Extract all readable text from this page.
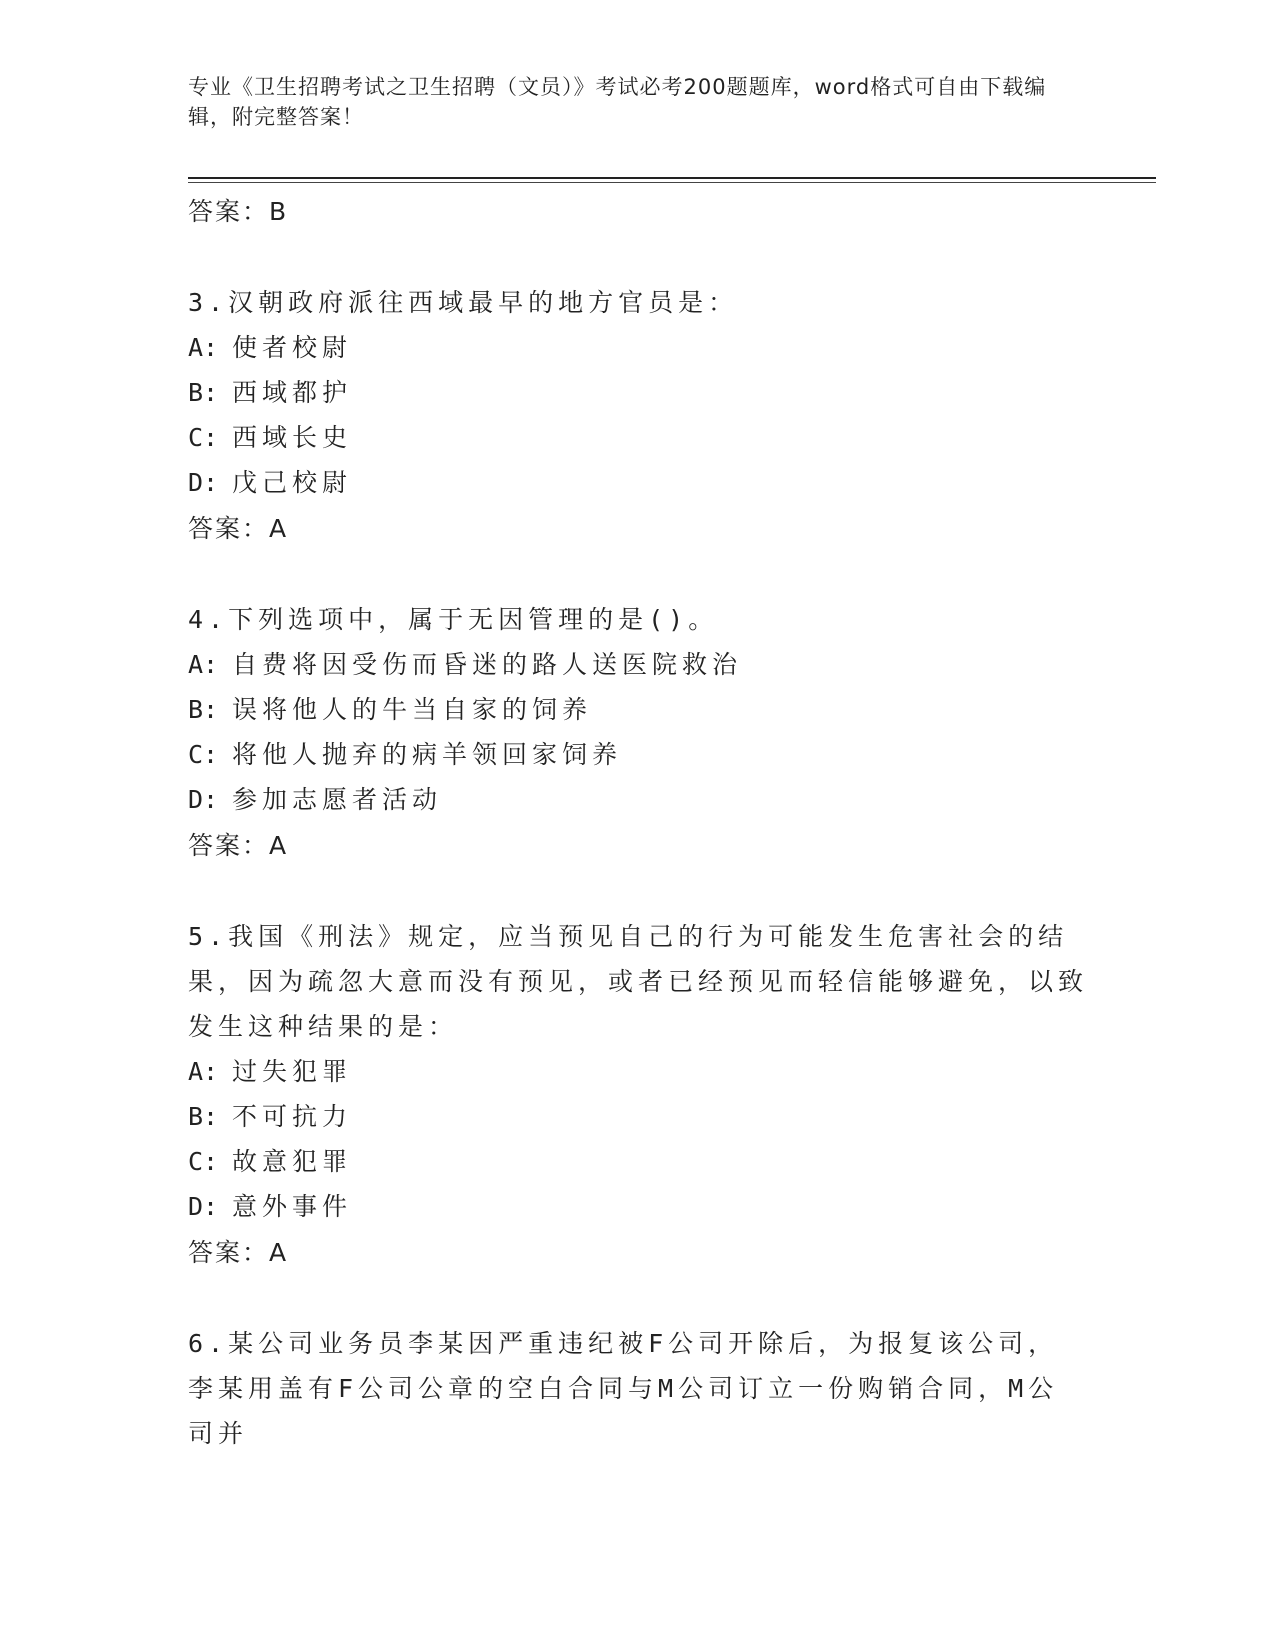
专业《卫生招聘考试之卫生招聘（文员）》考试必考200题题库，word格式可自由下载编辑，附完整答案！

答案：B

3.汉朝政府派往西域最早的地方官员是：

A: 使者校尉

B: 西域都护

C: 西域长史

D: 戊己校尉

答案：A

4.下列选项中，属于无因管理的是()。

A: 自费将因受伤而昏迷的路人送医院救治

B: 误将他人的牛当自家的饲养

C: 将他人抛弃的病羊领回家饲养

D: 参加志愿者活动

答案：A

5.我国《刑法》规定，应当预见自己的行为可能发生危害社会的结果，因为疏忽大意而没有预见，或者已经预见而轻信能够避免，以致发生这种结果的是：

A: 过失犯罪

B: 不可抗力

C: 故意犯罪

D: 意外事件

答案：A

6.某公司业务员李某因严重违纪被F公司开除后，为报复该公司，李某用盖有F公司公章的空白合同与M公司订立一份购销合同，M公司并
